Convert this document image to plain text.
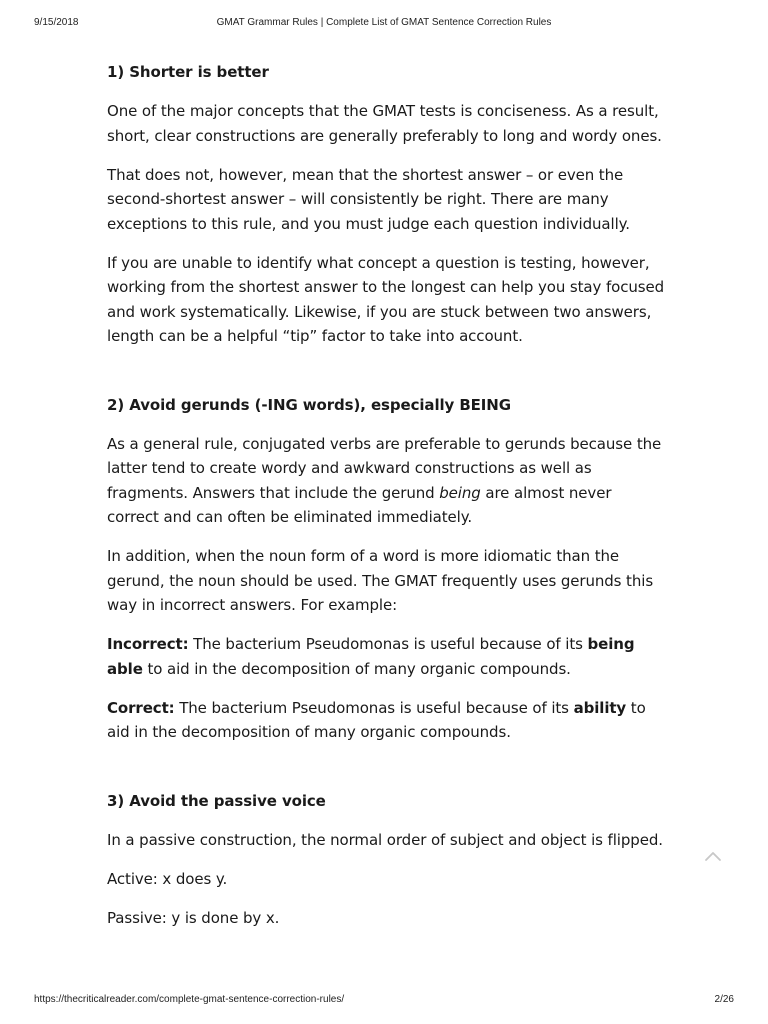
9/15/2018	GMAT Grammar Rules | Complete List of GMAT Sentence Correction Rules
1) Shorter is better

One of the major concepts that the GMAT tests is conciseness. As a result, short, clear constructions are generally preferably to long and wordy ones.

That does not, however, mean that the shortest answer – or even the second-shortest answer – will consistently be right. There are many exceptions to this rule, and you must judge each question individually.

If you are unable to identify what concept a question is testing, however, working from the shortest answer to the longest can help you stay focused and work systematically. Likewise, if you are stuck between two answers, length can be a helpful “tip” factor to take into account.

2) Avoid gerunds (-ING words), especially BEING

As a general rule, conjugated verbs are preferable to gerunds because the latter tend to create wordy and awkward constructions as well as fragments. Answers that include the gerund being are almost never correct and can often be eliminated immediately.

In addition, when the noun form of a word is more idiomatic than the gerund, the noun should be used. The GMAT frequently uses gerunds this way in incorrect answers. For example:

Incorrect: The bacterium Pseudomonas is useful because of its being able to aid in the decomposition of many organic compounds.

Correct: The bacterium Pseudomonas is useful because of its ability to aid in the decomposition of many organic compounds.

3) Avoid the passive voice

In a passive construction, the normal order of subject and object is flipped.

Active: x does y.

Passive: y is done by x.

https://thecriticalreader.com/complete-gmat-sentence-correction-rules/	2/26
